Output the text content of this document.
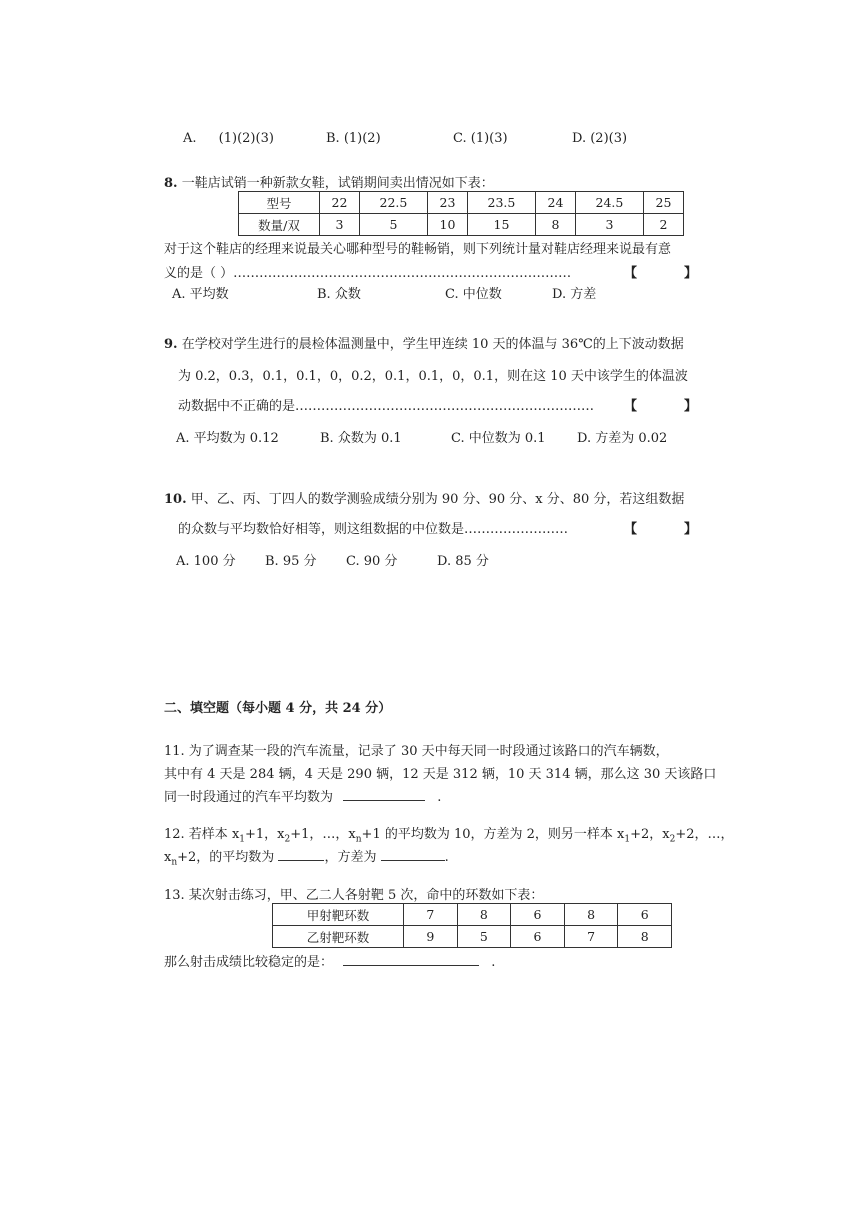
A. (1)(2)(3)	B. (1)(2)	C. (1)(3)	D. (2)(3)
8. 一鞋店试销一种新款女鞋，试销期间卖出情况如下表：
型号	22	22.5	23	23.5	24	24.5	25
数量/双	3	5	10	15	8	3	2
对于这个鞋店的经理来说最关心哪种型号的鞋畅销，则下列统计量对鞋店经理来说最有意
义的是（ ）……………………………………………………………………	【	】
A. 平均数	B. 众数	C. 中位数	D. 方差
9. 在学校对学生进行的晨检体温测量中，学生甲连续 10 天的体温与 36℃的上下波动数据
为 0.2，0.3，0.1，0.1，0，0.2，0.1，0.1，0，0.1，则在这 10 天中该学生的体温波
动数据中不正确的是…………………………………………………………… 【	】
A. 平均数为 0.12	B. 众数为 0.1	C. 中位数为 0.1 D. 方差为 0.02
10. 甲、乙、丙、丁四人的数学测验成绩分别为 90 分、90 分、x 分、80 分，若这组数据
的众数与平均数恰好相等，则这组数据的中位数是……………………	【	】
A. 100 分 B. 95 分 C. 90 分	D. 85 分
二、填空题（每小题 4 分，共 24 分）
11. 为了调查某一段的汽车流量，记录了 30 天中每天同一时段通过该路口的汽车辆数，
其中有 4 天是 284 辆，4 天是 290 辆，12 天是 312 辆，10 天 314 辆，那么这 30 天该路口
同一时段通过的汽车平均数为	.
12. 若样本 $x_1+1$，$x_2+1$，…，$x_n+1$ 的平均数为 10，方差为 2，则另一样本 $x_1+2$，$x_2+2$，…，
$x_n+2$，的平均数为	，方差为	.
13. 某次射击练习，甲、乙二人各射靶 5 次，命中的环数如下表：
甲射靶环数	7	8	6	8	6
乙射靶环数	9	5	6	7	8
那么射击成绩比较稳定的是：	.
